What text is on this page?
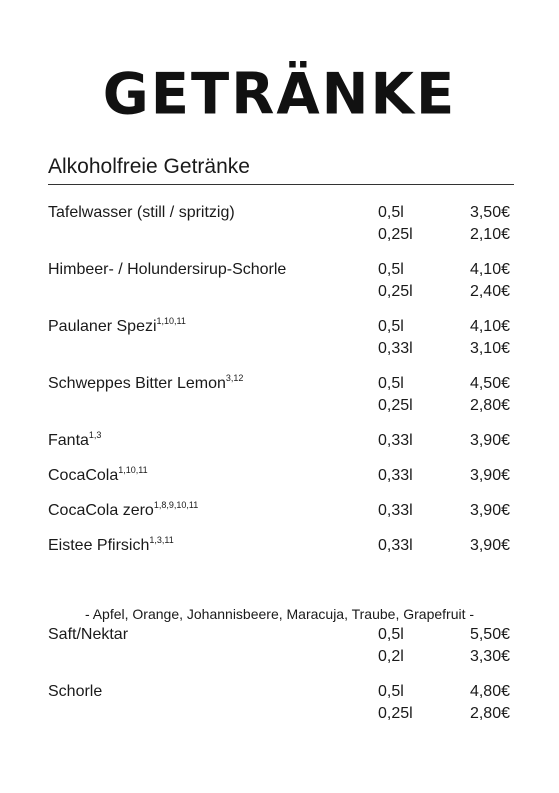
GETRÄNKE
Alkoholfreie Getränke
Tafelwasser (still / spritzig)	0,5l	3,50€
0,25l	2,10€
Himbeer- / Holundersirup-Schorle	0,5l	4,10€
0,25l	2,40€
Paulaner Spezi$^{1,10,11}$	0,5l	4,10€
0,33l	3,10€
Schweppes Bitter Lemon$^{3,12}$	0,5l	4,50€
0,25l	2,80€
Fanta$^{1,3}$	0,33l	3,90€
CocaCola$^{1,10,11}$	0,33l	3,90€
CocaCola zero$^{1,8,9,10,11}$	0,33l	3,90€
Eistee Pfirsich$^{1,3,11}$	0,33l	3,90€
- Apfel, Orange, Johannisbeere, Maracuja, Traube, Grapefruit -
Saft/Nektar	0,5l	5,50€
0,2l	3,30€
Schorle	0,5l	4,80€
0,25l	2,80€
